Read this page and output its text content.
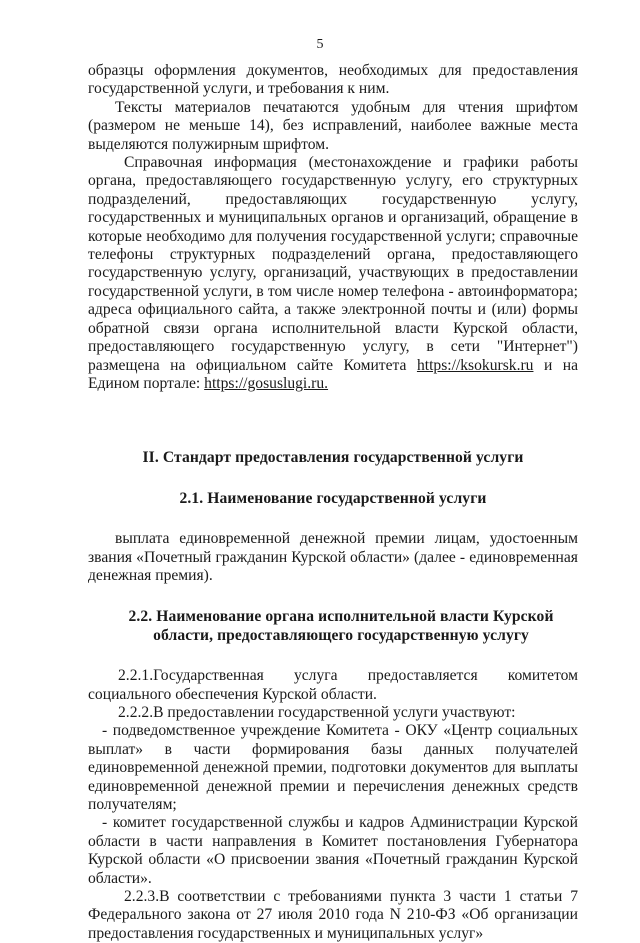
5

образцы оформления документов, необходимых для предоставления государственной услуги, и требования к ним.

Тексты материалов печатаются удобным для чтения шрифтом (размером не меньше 14), без исправлений, наиболее важные места выделяются полужирным шрифтом.

Справочная информация (местонахождение и графики работы органа, предоставляющего государственную услугу, его структурных подразделений, предоставляющих государственную услугу, государственных и муниципальных органов и организаций, обращение в которые необходимо для получения государственной услуги; справочные телефоны структурных подразделений органа, предоставляющего государственную услугу, организаций, участвующих в предоставлении государственной услуги, в том числе номер телефона - автоинформатора; адреса официального сайта, а также электронной почты и (или) формы обратной связи органа исполнительной власти Курской области, предоставляющего государственную услугу, в сети "Интернет") размещена на официальном сайте Комитета https://ksokursk.ru и на Едином портале: https://gosuslugi.ru.

II. Стандарт предоставления государственной услуги
2.1. Наименование государственной услуги

выплата единовременной денежной премии лицам, удостоенным звания «Почетный гражданин Курской области» (далее - единовременная денежная премия).

2.2. Наименование органа исполнительной власти Курской
области, предоставляющего государственную услугу

2.2.1.Государственная услуга предоставляется комитетом социального обеспечения Курской области.

2.2.2.В предоставлении государственной услуги участвуют:

- подведомственное учреждение Комитета - ОКУ «Центр социальных выплат» в части формирования базы данных получателей единовременной денежной премии, подготовки документов для выплаты единовременной денежной премии и перечисления денежных средств получателям;

- комитет государственной службы и кадров Администрации Курской области в части направления в Комитет постановления Губернатора Курской области «О присвоении звания «Почетный гражданин Курской области».

2.2.3.В соответствии с требованиями пункта 3 части 1 статьи 7 Федерального закона от 27 июля 2010 года N 210-ФЗ «Об организации предоставления государственных и муниципальных услуг»
